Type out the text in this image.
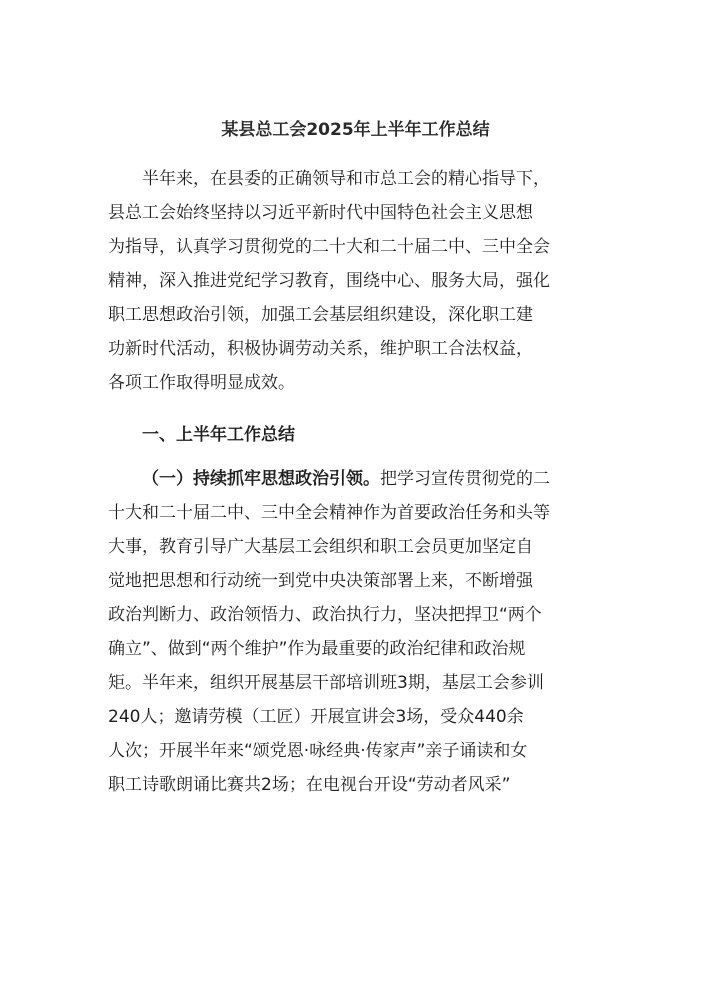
某县总工会2025年上半年工作总结
半年来，在县委的正确领导和市总工会的精心指导下，
县总工会始终坚持以习近平新时代中国特色社会主义思想
为指导，认真学习贯彻党的二十大和二十届二中、三中全会
精神，深入推进党纪学习教育，围绕中心、服务大局，强化
职工思想政治引领，加强工会基层组织建设，深化职工建
功新时代活动，积极协调劳动关系，维护职工合法权益，
各项工作取得明显成效。
一、上半年工作总结
（一）持续抓牢思想政治引领。把学习宣传贯彻党的二
十大和二十届二中、三中全会精神作为首要政治任务和头等
大事，教育引导广大基层工会组织和职工会员更加坚定自
觉地把思想和行动统一到党中央决策部署上来，不断增强
政治判断力、政治领悟力、政治执行力，坚决把捍卫“两个
确立”、做到“两个维护”作为最重要的政治纪律和政治规
矩。半年来，组织开展基层干部培训班3期，基层工会参训
240人；邀请劳模（工匠）开展宣讲会3场，受众440余
人次；开展半年来“颂党恩·咏经典·传家声”亲子诵读和女
职工诗歌朗诵比赛共2场；在电视台开设“劳动者风采”
